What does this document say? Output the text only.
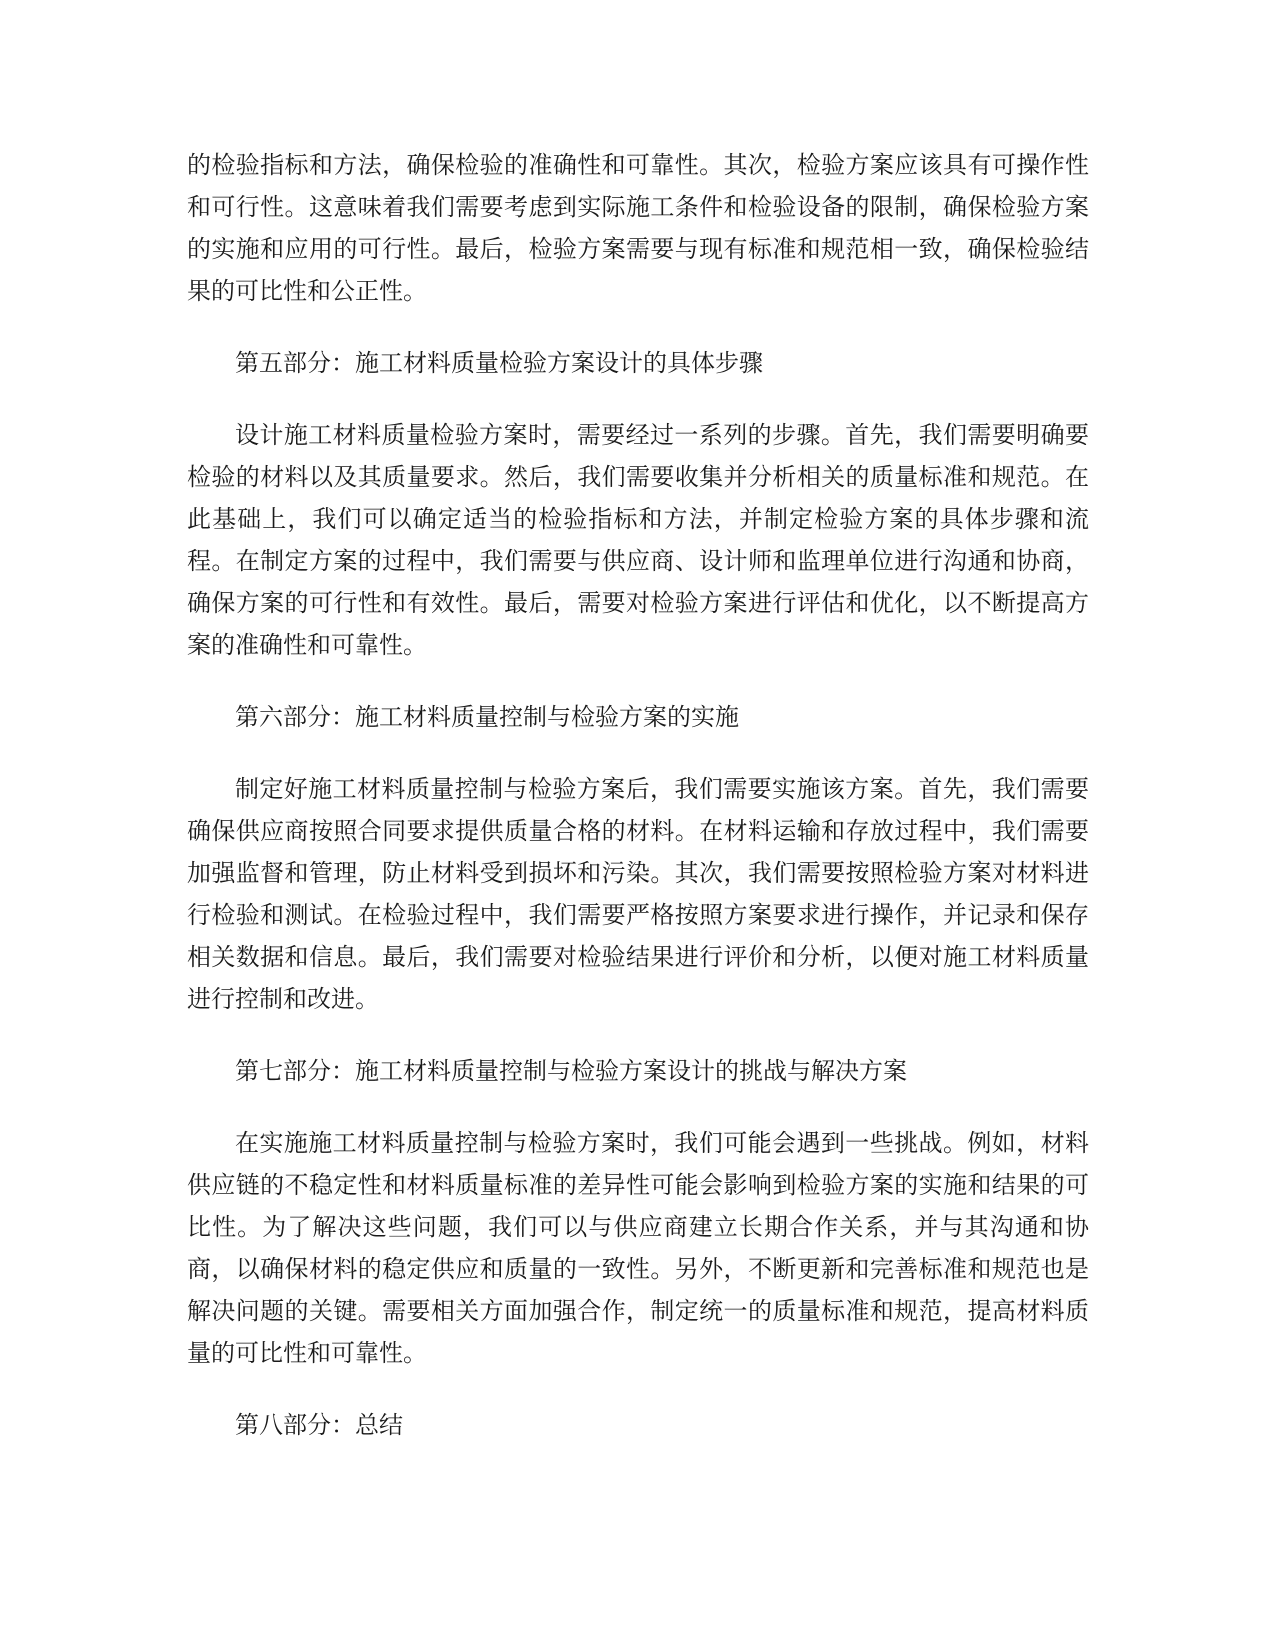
的检验指标和方法，确保检验的准确性和可靠性。其次，检验方案应该具有可操作性和可行性。这意味着我们需要考虑到实际施工条件和检验设备的限制，确保检验方案的实施和应用的可行性。最后，检验方案需要与现有标准和规范相一致，确保检验结果的可比性和公正性。

第五部分：施工材料质量检验方案设计的具体步骤

设计施工材料质量检验方案时，需要经过一系列的步骤。首先，我们需要明确要检验的材料以及其质量要求。然后，我们需要收集并分析相关的质量标准和规范。在此基础上，我们可以确定适当的检验指标和方法，并制定检验方案的具体步骤和流程。在制定方案的过程中，我们需要与供应商、设计师和监理单位进行沟通和协商，确保方案的可行性和有效性。最后，需要对检验方案进行评估和优化，以不断提高方案的准确性和可靠性。

第六部分：施工材料质量控制与检验方案的实施

制定好施工材料质量控制与检验方案后，我们需要实施该方案。首先，我们需要确保供应商按照合同要求提供质量合格的材料。在材料运输和存放过程中，我们需要加强监督和管理，防止材料受到损坏和污染。其次，我们需要按照检验方案对材料进行检验和测试。在检验过程中，我们需要严格按照方案要求进行操作，并记录和保存相关数据和信息。最后，我们需要对检验结果进行评价和分析，以便对施工材料质量进行控制和改进。

第七部分：施工材料质量控制与检验方案设计的挑战与解决方案

在实施施工材料质量控制与检验方案时，我们可能会遇到一些挑战。例如，材料供应链的不稳定性和材料质量标准的差异性可能会影响到检验方案的实施和结果的可比性。为了解决这些问题，我们可以与供应商建立长期合作关系，并与其沟通和协商，以确保材料的稳定供应和质量的一致性。另外，不断更新和完善标准和规范也是解决问题的关键。需要相关方面加强合作，制定统一的质量标准和规范，提高材料质量的可比性和可靠性。

第八部分：总结
